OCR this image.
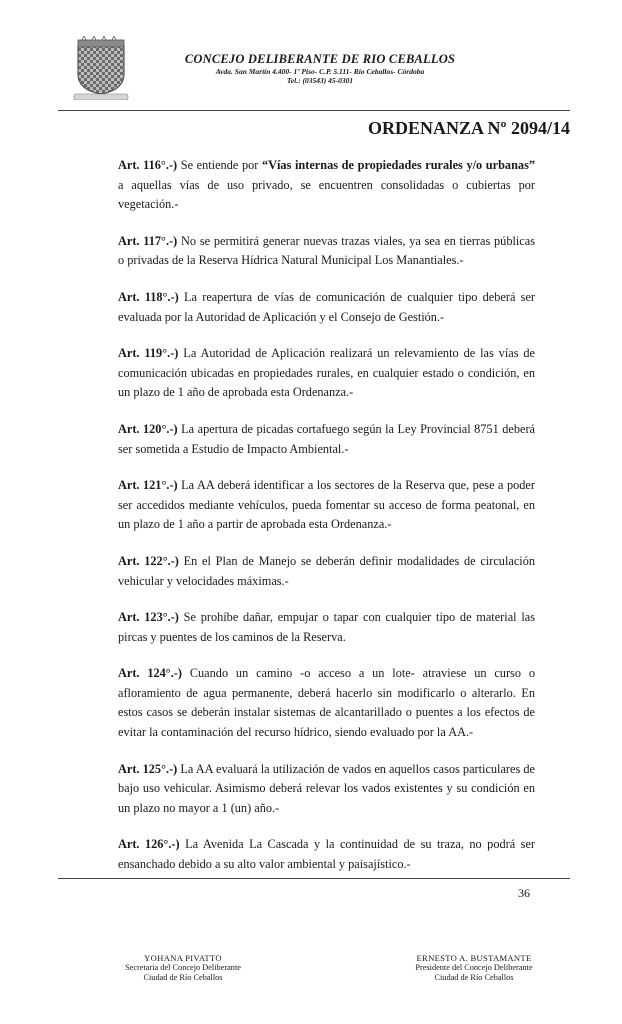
CONCEJO DELIBERANTE DE RIO CEBALLOS
Avda. San Martín 4.400- 1º Piso- C.P. 5.111- Río Ceballos- Córdoba
Tel.: (03543) 45-0301
ORDENANZA Nº 2094/14

Art. 116°.-) Se entiende por “Vías internas de propiedades rurales y/o urbanas” a aquellas vías de uso privado, se encuentren consolidadas o cubiertas por vegetación.-

Art. 117°.-) No se permitirá generar nuevas trazas viales, ya sea en tierras públicas o privadas de la Reserva Hídrica Natural Municipal Los Manantiales.-

Art. 118°.-) La reapertura de vías de comunicación de cualquier tipo deberá ser evaluada por la Autoridad de Aplicación y el Consejo de Gestión.-

Art. 119°.-) La Autoridad de Aplicación realizará un relevamiento de las vías de comunicación ubicadas en propiedades rurales, en cualquier estado o condición, en un plazo de 1 año de aprobada esta Ordenanza.-

Art. 120°.-) La apertura de picadas cortafuego según la Ley Provincial 8751 deberá ser sometida a Estudio de Impacto Ambiental.-

Art. 121°.-) La AA deberá identificar a los sectores de la Reserva que, pese a poder ser accedidos mediante vehículos, pueda fomentar su acceso de forma peatonal, en un plazo de 1 año a partir de aprobada esta Ordenanza.-

Art. 122°.-) En el Plan de Manejo se deberán definir modalidades de circulación vehicular y velocidades máximas.-

Art. 123°.-) Se prohíbe dañar, empujar o tapar con cualquier tipo de material las pircas y puentes de los caminos de la Reserva.

Art. 124°.-) Cuando un camino -o acceso a un lote- atraviese un curso o afloramiento de agua permanente, deberá hacerlo sin modificarlo o alterarlo. En estos casos se deberán instalar sistemas de alcantarillado o puentes a los efectos de evitar la contaminación del recurso hídrico, siendo evaluado por la AA.-

Art. 125°.-) La AA evaluará la utilización de vados en aquellos casos particulares de bajo uso vehicular. Asimismo deberá relevar los vados existentes y su condición en un plazo no mayor a 1 (un) año.-

Art. 126°.-) La Avenida La Cascada y la continuidad de su traza, no podrá ser ensanchado debido a su alto valor ambiental y paisajístico.-

36
YOHANA PIVATTO
Secretaria del Concejo Deliberante
Ciudad de Río Ceballos
ERNESTO A. BUSTAMANTE
Presidente del Concejo Deliberante
Ciudad de Río Ceballos
